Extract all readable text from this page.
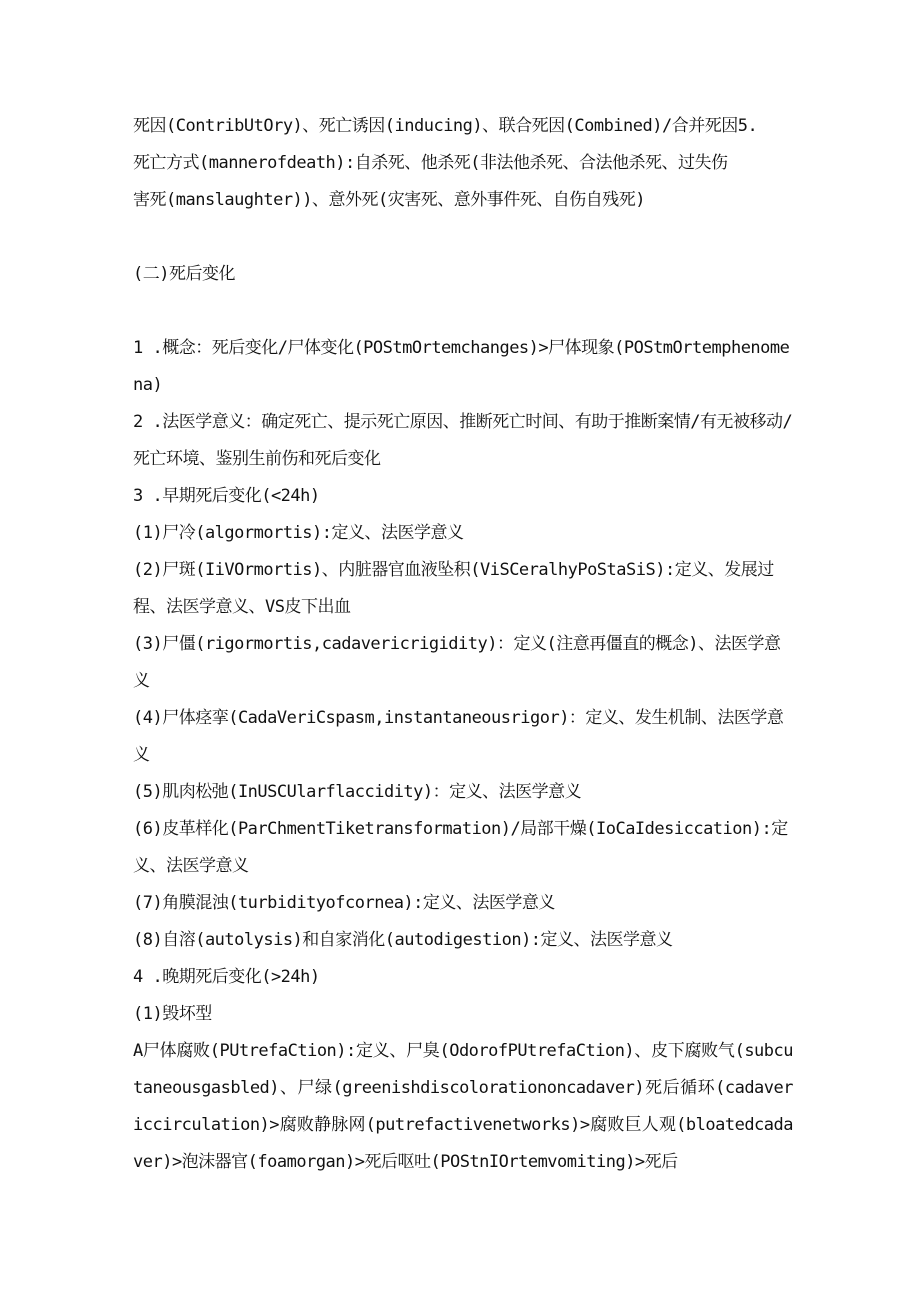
死因(ContribUtOry)、死亡诱因(inducing)、联合死因(Combined)/合并死因5.
死亡方式(mannerofdeath):自杀死、他杀死(非法他杀死、合法他杀死、过失伤
害死(manslaughter))、意外死(灾害死、意外事件死、自伤自残死)
(二)死后变化
1 .概念：死后变化/尸体变化(POStmOrtemchanges)>尸体现象(POStmOrtemphenomena)
2 .法医学意义：确定死亡、提示死亡原因、推断死亡时间、有助于推断案情/有无被移动/死亡环境、鉴别生前伤和死后变化
3 .早期死后变化(<24h)
(1)尸冷(algormortis):定义、法医学意义
(2)尸斑(IiVOrmortis)、内脏器官血液坠积(ViSCeralhyPoStaSiS):定义、发展过程、法医学意义、VS皮下出血
(3)尸僵(rigormortis,cadavericrigidity)：定义(注意再僵直的概念)、法医学意义
(4)尸体痉挛(CadaVeriCspasm,instantaneousrigor)：定义、发生机制、法医学意义
(5)肌肉松弛(InUSCUlarflaccidity)：定义、法医学意义
(6)皮革样化(ParChmentTiketransformation)/局部干燥(IoCaIdesiccation):定义、法医学意义
(7)角膜混浊(turbidityofcornea):定义、法医学意义
(8)自溶(autolysis)和自家消化(autodigestion):定义、法医学意义
4 .晚期死后变化(>24h)
(1)毁坏型
A尸体腐败(PUtrefaCtion):定义、尸臭(OdorofPUtrefaCtion)、皮下腐败气(subcutaneousgasbled)、尸绿(greenishdiscolorationoncadaver)死后循环(cadavericcirculation)>腐败静脉网(putrefactivenetworks)>腐败巨人观(bloatedcadaver)>泡沫器官(foamorgan)>死后呕吐(POStnIOrtemvomiting)>死后
